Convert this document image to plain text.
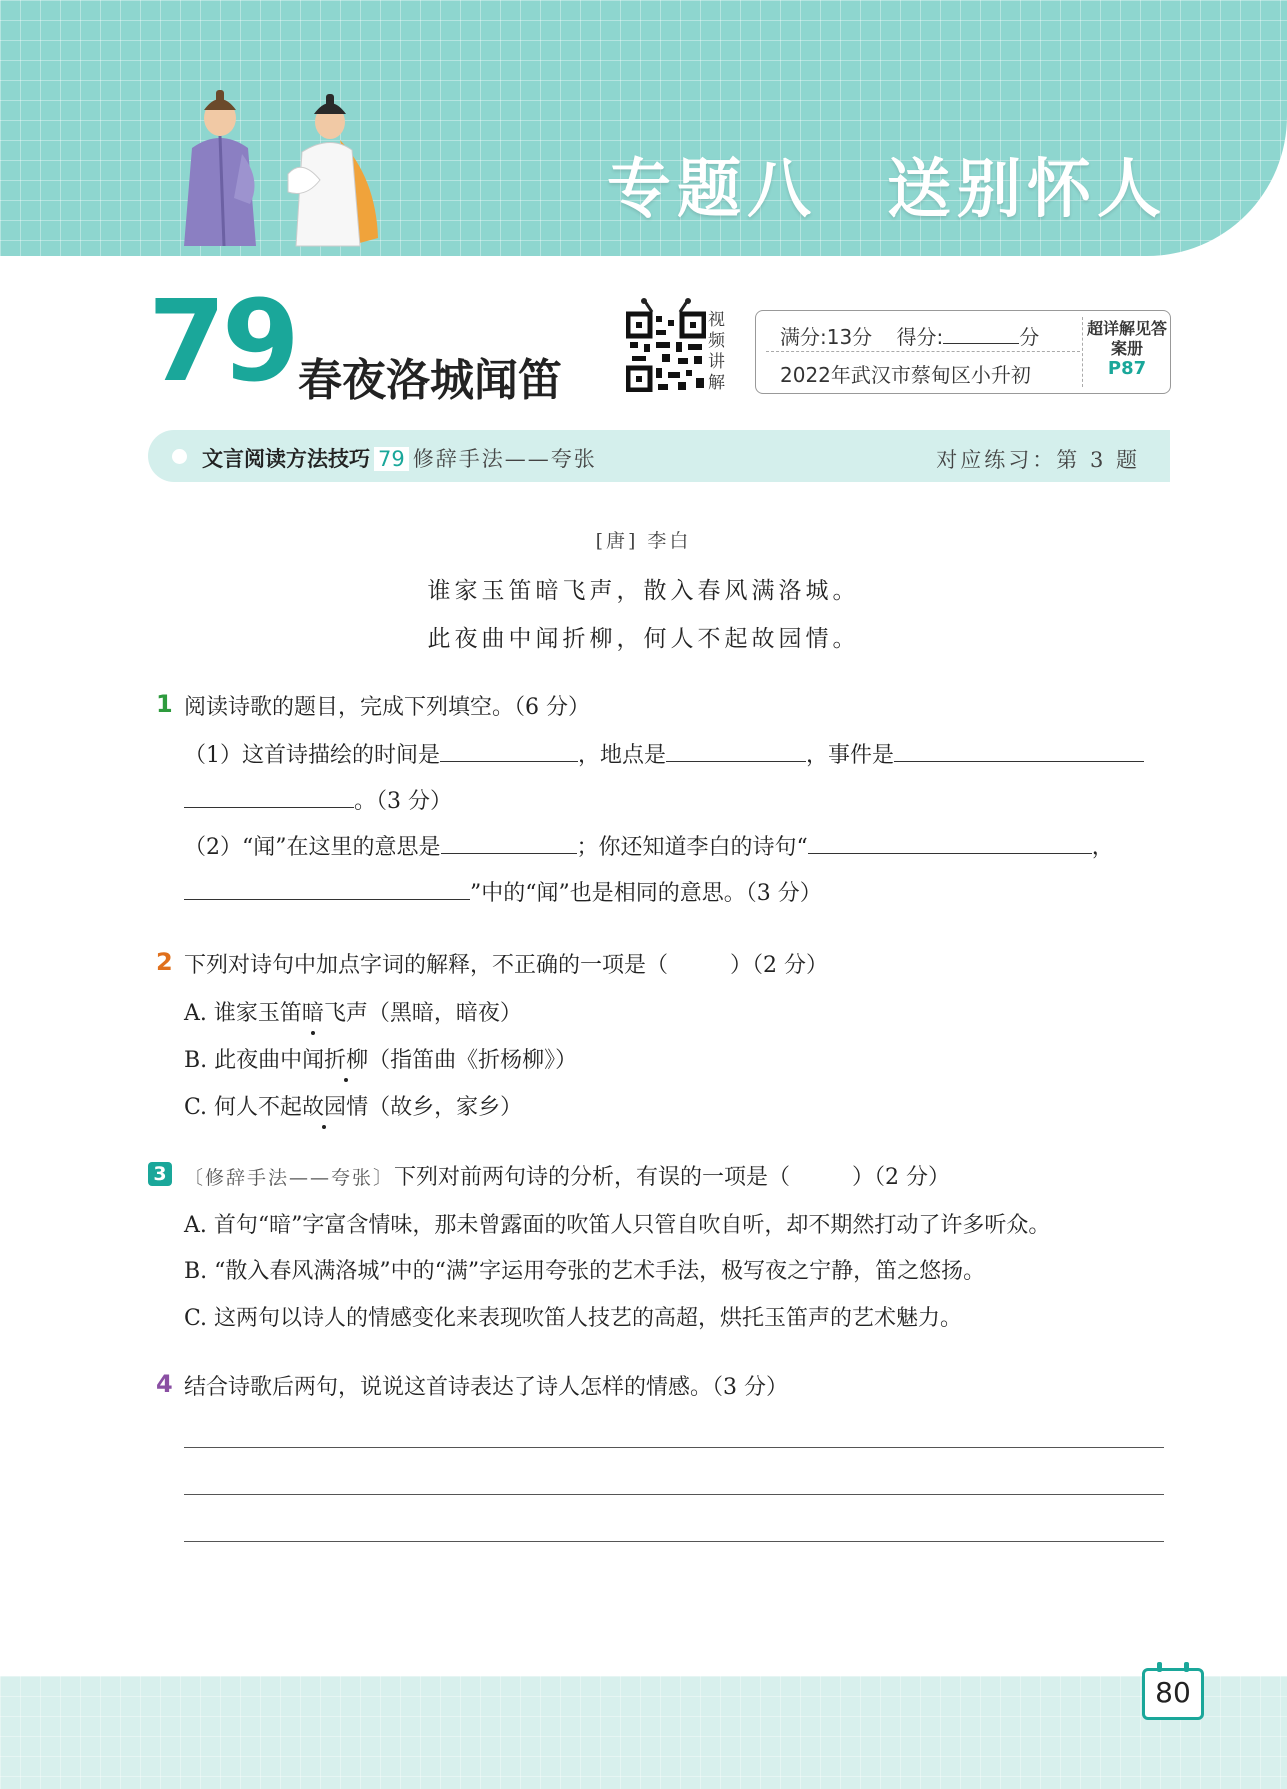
专题八　送别怀人
79 春夜洛城闻笛
视频讲解
满分:13分 得分:	分
2022年武汉市蔡甸区小升初
超详解见答案册
P87
文言阅读方法技巧 79 修辞手法——夸张	对应练习：第 3 题
[唐] 李白
谁家玉笛暗飞声，散入春风满洛城。
此夜曲中闻折柳，何人不起故园情。
1 阅读诗歌的题目，完成下列填空。（6 分）
（1）这首诗描绘的时间是	，地点是	，事件是
。（3 分）
（2）“闻”在这里的意思是	；你还知道李白的诗句“	，
”中的“闻”也是相同的意思。（3 分）
2 下列对诗句中加点字词的解释，不正确的一项是（	）（2 分）
A. 谁家玉笛暗飞声（黑暗，暗夜）
B. 此夜曲中闻折柳（指笛曲《折杨柳》）
C. 何人不起故园情（故乡，家乡）
3 〔修辞手法——夸张〕下列对前两句诗的分析，有误的一项是（	）（2 分）
A. 首句“暗”字富含情味，那未曾露面的吹笛人只管自吹自听，却不期然打动了许多听众。
B. “散入春风满洛城”中的“满”字运用夸张的艺术手法，极写夜之宁静，笛之悠扬。
C. 这两句以诗人的情感变化来表现吹笛人技艺的高超，烘托玉笛声的艺术魅力。
4 结合诗歌后两句，说说这首诗表达了诗人怎样的情感。（3 分）
80
